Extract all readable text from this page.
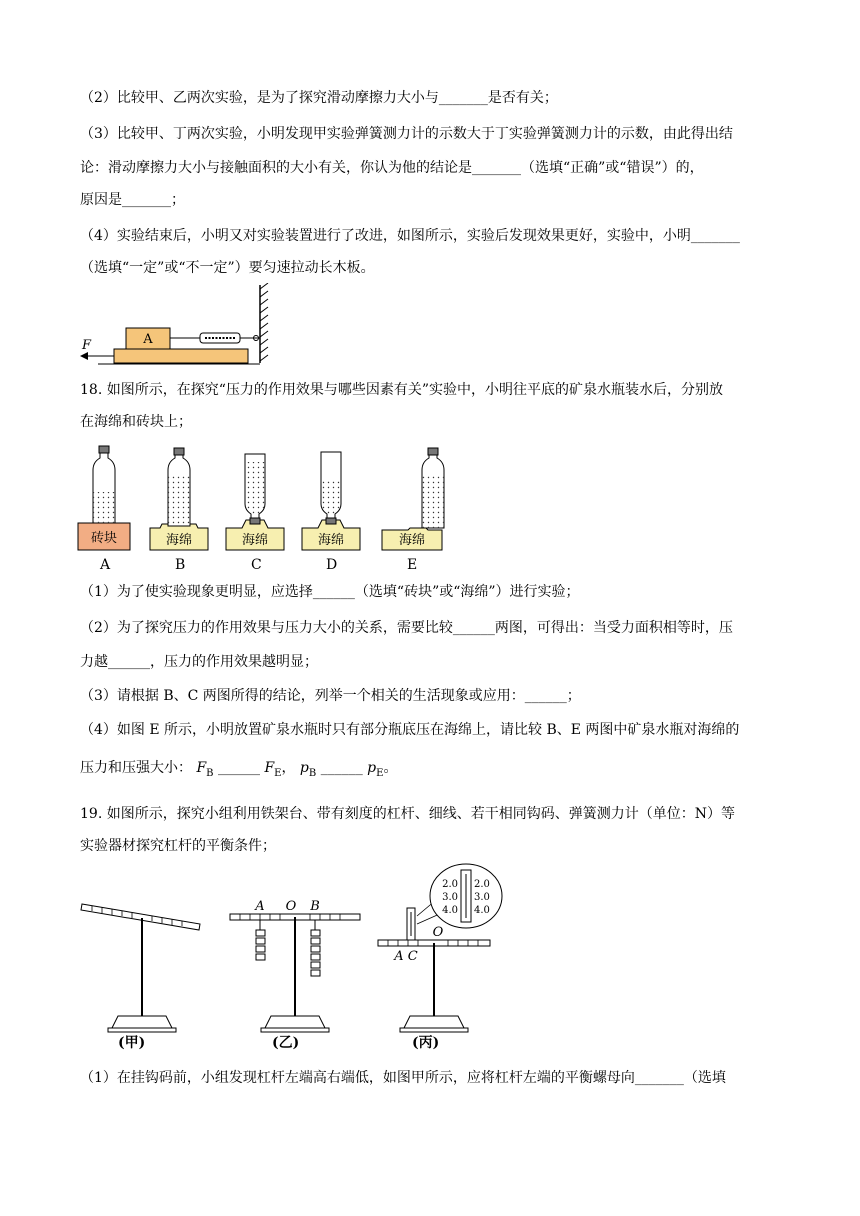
（2）比较甲、乙两次实验，是为了探究滑动摩擦力大小与_______是否有关；
（3）比较甲、丁两次实验，小明发现甲实验弹簧测力计的示数大于丁实验弹簧测力计的示数，由此得出结
论：滑动摩擦力大小与接触面积的大小有关，你认为他的结论是_______（选填“正确”或“错误”）的，
原因是_______；
（4）实验结束后，小明又对实验装置进行了改进，如图所示，实验后发现效果更好，实验中，小明_______
（选填“一定”或“不一定”）要匀速拉动长木板。
A
F
18. 如图所示，在探究“压力的作用效果与哪些因素有关”实验中，小明往平底的矿泉水瓶装水后，分别放
在海绵和砖块上；
砖块	海绵	海绵	海绵	海绵
A	B	C	D	E
（1）为了使实验现象更明显，应选择______（选填“砖块”或“海绵”）进行实验；
（2）为了探究压力的作用效果与压力大小的关系，需要比较______两图，可得出：当受力面积相等时，压
力越______，压力的作用效果越明显；
（3）请根据 B、C 两图所得的结论，列举一个相关的生活现象或应用：______；
（4）如图 E 所示，小明放置矿泉水瓶时只有部分瓶底压在海绵上，请比较 B、E 两图中矿泉水瓶对海绵的
压力和压强大小： $F_B$ ______ $F_E$， $p_B$ ______ $p_E$。
19. 如图所示，探究小组利用铁架台、带有刻度的杠杆、细线、若干相同钩码、弹簧测力计（单位：N）等
实验器材探究杠杆的平衡条件；
A O B
O
A C
2.0
3.0
4.0
2.0
3.0
4.0
(甲)	(乙)	(丙)
（1）在挂钩码前，小组发现杠杆左端高右端低，如图甲所示，应将杠杆左端的平衡螺母向_______（选填
